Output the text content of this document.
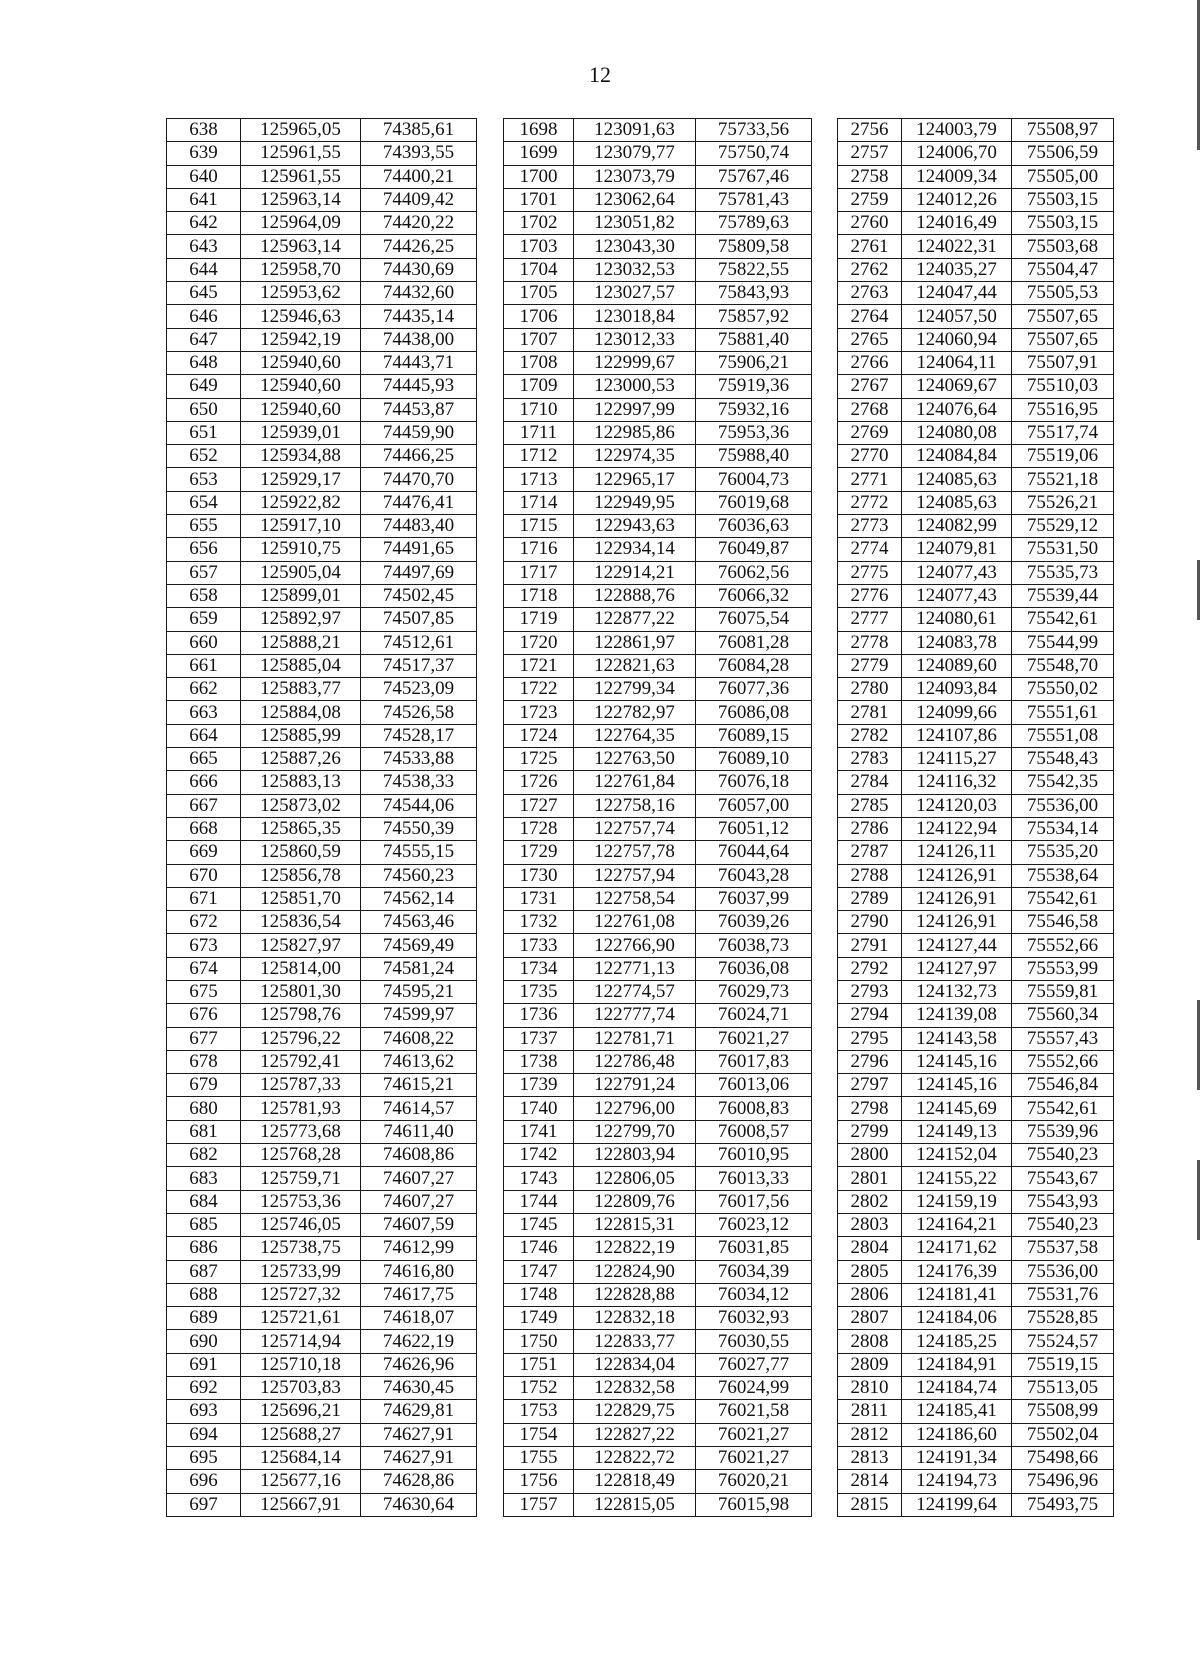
12
638	125965,05	74385,61		1698	123091,63	75733,56		2756	124003,79	75508,97
639	125961,55	74393,55		1699	123079,77	75750,74		2757	124006,70	75506,59
640	125961,55	74400,21		1700	123073,79	75767,46		2758	124009,34	75505,00
641	125963,14	74409,42		1701	123062,64	75781,43		2759	124012,26	75503,15
642	125964,09	74420,22		1702	123051,82	75789,63		2760	124016,49	75503,15
643	125963,14	74426,25		1703	123043,30	75809,58		2761	124022,31	75503,68
644	125958,70	74430,69		1704	123032,53	75822,55		2762	124035,27	75504,47
645	125953,62	74432,60		1705	123027,57	75843,93		2763	124047,44	75505,53
646	125946,63	74435,14		1706	123018,84	75857,92		2764	124057,50	75507,65
647	125942,19	74438,00		1707	123012,33	75881,40		2765	124060,94	75507,65
648	125940,60	74443,71		1708	122999,67	75906,21		2766	124064,11	75507,91
649	125940,60	74445,93		1709	123000,53	75919,36		2767	124069,67	75510,03
650	125940,60	74453,87		1710	122997,99	75932,16		2768	124076,64	75516,95
651	125939,01	74459,90		1711	122985,86	75953,36		2769	124080,08	75517,74
652	125934,88	74466,25		1712	122974,35	75988,40		2770	124084,84	75519,06
653	125929,17	74470,70		1713	122965,17	76004,73		2771	124085,63	75521,18
654	125922,82	74476,41		1714	122949,95	76019,68		2772	124085,63	75526,21
655	125917,10	74483,40		1715	122943,63	76036,63		2773	124082,99	75529,12
656	125910,75	74491,65		1716	122934,14	76049,87		2774	124079,81	75531,50
657	125905,04	74497,69		1717	122914,21	76062,56		2775	124077,43	75535,73
658	125899,01	74502,45		1718	122888,76	76066,32		2776	124077,43	75539,44
659	125892,97	74507,85		1719	122877,22	76075,54		2777	124080,61	75542,61
660	125888,21	74512,61		1720	122861,97	76081,28		2778	124083,78	75544,99
661	125885,04	74517,37		1721	122821,63	76084,28		2779	124089,60	75548,70
662	125883,77	74523,09		1722	122799,34	76077,36		2780	124093,84	75550,02
663	125884,08	74526,58		1723	122782,97	76086,08		2781	124099,66	75551,61
664	125885,99	74528,17		1724	122764,35	76089,15		2782	124107,86	75551,08
665	125887,26	74533,88		1725	122763,50	76089,10		2783	124115,27	75548,43
666	125883,13	74538,33		1726	122761,84	76076,18		2784	124116,32	75542,35
667	125873,02	74544,06		1727	122758,16	76057,00		2785	124120,03	75536,00
668	125865,35	74550,39		1728	122757,74	76051,12		2786	124122,94	75534,14
669	125860,59	74555,15		1729	122757,78	76044,64		2787	124126,11	75535,20
670	125856,78	74560,23		1730	122757,94	76043,28		2788	124126,91	75538,64
671	125851,70	74562,14		1731	122758,54	76037,99		2789	124126,91	75542,61
672	125836,54	74563,46		1732	122761,08	76039,26		2790	124126,91	75546,58
673	125827,97	74569,49		1733	122766,90	76038,73		2791	124127,44	75552,66
674	125814,00	74581,24		1734	122771,13	76036,08		2792	124127,97	75553,99
675	125801,30	74595,21		1735	122774,57	76029,73		2793	124132,73	75559,81
676	125798,76	74599,97		1736	122777,74	76024,71		2794	124139,08	75560,34
677	125796,22	74608,22		1737	122781,71	76021,27		2795	124143,58	75557,43
678	125792,41	74613,62		1738	122786,48	76017,83		2796	124145,16	75552,66
679	125787,33	74615,21		1739	122791,24	76013,06		2797	124145,16	75546,84
680	125781,93	74614,57		1740	122796,00	76008,83		2798	124145,69	75542,61
681	125773,68	74611,40		1741	122799,70	76008,57		2799	124149,13	75539,96
682	125768,28	74608,86		1742	122803,94	76010,95		2800	124152,04	75540,23
683	125759,71	74607,27		1743	122806,05	76013,33		2801	124155,22	75543,67
684	125753,36	74607,27		1744	122809,76	76017,56		2802	124159,19	75543,93
685	125746,05	74607,59		1745	122815,31	76023,12		2803	124164,21	75540,23
686	125738,75	74612,99		1746	122822,19	76031,85		2804	124171,62	75537,58
687	125733,99	74616,80		1747	122824,90	76034,39		2805	124176,39	75536,00
688	125727,32	74617,75		1748	122828,88	76034,12		2806	124181,41	75531,76
689	125721,61	74618,07		1749	122832,18	76032,93		2807	124184,06	75528,85
690	125714,94	74622,19		1750	122833,77	76030,55		2808	124185,25	75524,57
691	125710,18	74626,96		1751	122834,04	76027,77		2809	124184,91	75519,15
692	125703,83	74630,45		1752	122832,58	76024,99		2810	124184,74	75513,05
693	125696,21	74629,81		1753	122829,75	76021,58		2811	124185,41	75508,99
694	125688,27	74627,91		1754	122827,22	76021,27		2812	124186,60	75502,04
695	125684,14	74627,91		1755	122822,72	76021,27		2813	124191,34	75498,66
696	125677,16	74628,86		1756	122818,49	76020,21		2814	124194,73	75496,96
697	125667,91	74630,64		1757	122815,05	76015,98		2815	124199,64	75493,75
